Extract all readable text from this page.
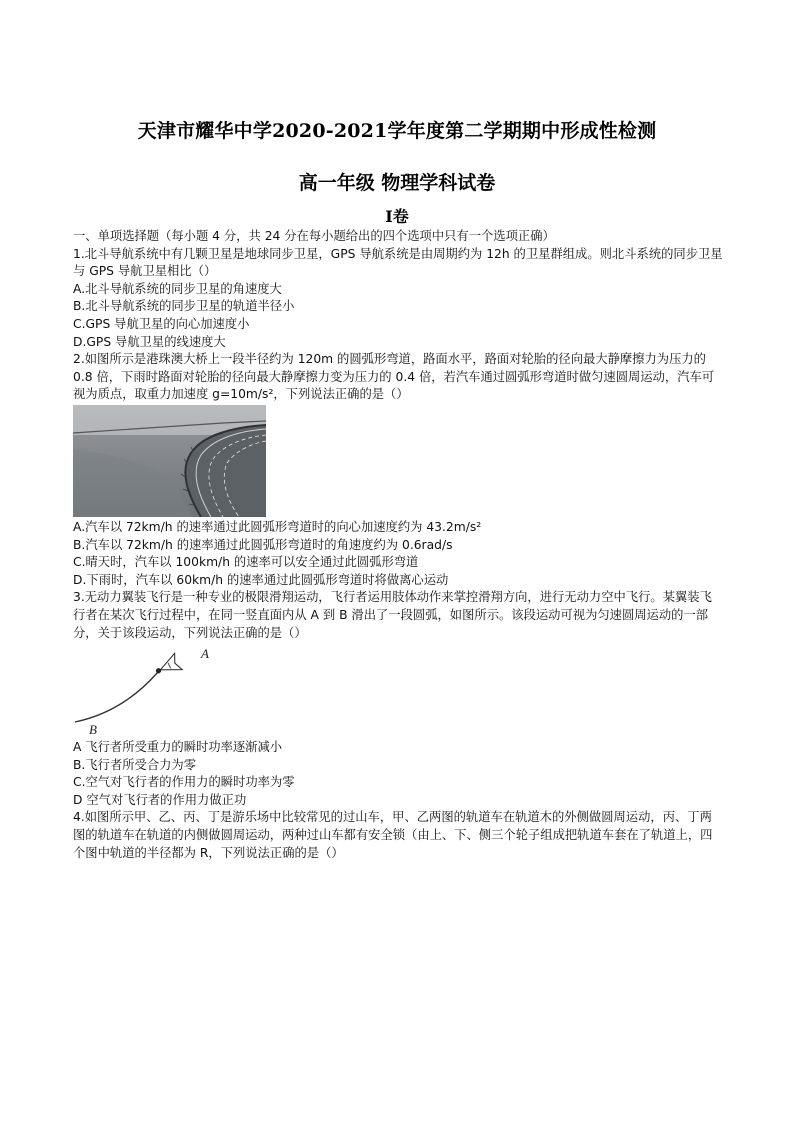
天津市耀华中学2020-2021学年度第二学期期中形成性检测
高一年级 物理学科试卷
Ⅰ卷

一、单项选择题（每小题 4 分，共 24 分在每小题给出的四个选项中只有一个选项正确）

1.北斗导航系统中有几颗卫星是地球同步卫星，GPS 导航系统是由周期约为 12h 的卫星群组成。则北斗系统的同步卫星与 GPS 导航卫星相比（）

A.北斗导航系统的同步卫星的角速度大

B.北斗导航系统的同步卫星的轨道半径小

C.GPS 导航卫星的向心加速度小

D.GPS 导航卫星的线速度大

2.如图所示是港珠澳大桥上一段半径约为 120m 的圆弧形弯道，路面水平，路面对轮胎的径向最大静摩擦力为压力的 0.8 倍，下雨时路面对轮胎的径向最大静摩擦力变为压力的 0.4 倍，若汽车通过圆弧形弯道时做匀速圆周运动，汽车可视为质点，取重力加速度 g=10m/s²，下列说法正确的是（）

A.汽车以 72km/h 的速率通过此圆弧形弯道时的向心加速度约为 43.2m/s²

B.汽车以 72km/h 的速率通过此圆弧形弯道时的角速度约为 0.6rad/s

C.晴天时，汽车以 100km/h 的速率可以安全通过此圆弧形弯道

D.下雨时，汽车以 60km/h 的速率通过此圆弧形弯道时将做离心运动

3.无动力翼装飞行是一种专业的极限滑翔运动，飞行者运用肢体动作来掌控滑翔方向，进行无动力空中飞行。某翼装飞行者在某次飞行过程中，在同一竖直面内从 A 到 B 滑出了一段圆弧，如图所示。该段运动可视为匀速圆周运动的一部分，关于该段运动，下列说法正确的是（）

A
B

A 飞行者所受重力的瞬时功率逐渐减小

B.飞行者所受合力为零

C.空气对飞行者的作用力的瞬时功率为零

D 空气对飞行者的作用力做正功

4.如图所示甲、乙、丙、丁是游乐场中比较常见的过山车，甲、乙两图的轨道车在轨道木的外侧做圆周运动，丙、丁两图的轨道车在轨道的内侧做圆周运动，两种过山车都有安全锁（由上、下、侧三个轮子组成把轨道车套在了轨道上，四个图中轨道的半径都为 R，下列说法正确的是（）
